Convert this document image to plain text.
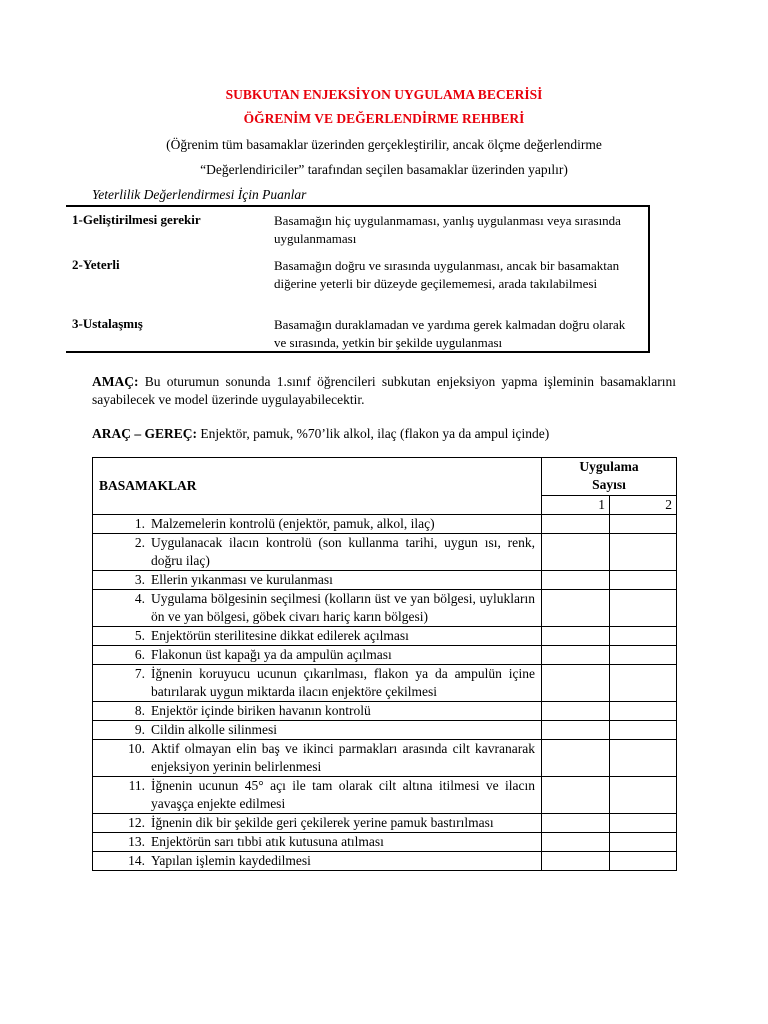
SUBKUTAN ENJEKSİYON UYGULAMA BECERİSİ
ÖĞRENİM VE DEĞERLENDİRME REHBERİ
(Öğrenim tüm basamaklar üzerinden gerçekleştirilir, ancak ölçme değerlendirme
“Değerlendiriciler” tarafından seçilen basamaklar üzerinden yapılır)
Yeterlilik Değerlendirmesi İçin Puanlar
1-Geliştirilmesi gerekir	Basamağın hiç uygulanmaması, yanlış uygulanması veya sırasında uygulanmaması
2-Yeterli	Basamağın doğru ve sırasında uygulanması, ancak bir basamaktan diğerine yeterli bir düzeyde geçilememesi, arada takılabilmesi
3-Ustalaşmış	Basamağın duraklamadan ve yardıma gerek kalmadan doğru olarak ve sırasında, yetkin bir şekilde uygulanması
AMAÇ: Bu oturumun sonunda 1.sınıf öğrencileri subkutan enjeksiyon yapma işleminin basamaklarını sayabilecek ve model üzerinde uygulayabilecektir.
ARAÇ – GEREÇ: Enjektör, pamuk, %70’lik alkol, ilaç (flakon ya da ampul içinde)
BASAMAKLAR	Uygulama
Sayısı	

	1	2

1. Malzemelerin kontrolü (enjektör, pamuk, alkol, ilaç)		

2. Uygulanacak ilacın kontrolü (son kullanma tarihi, uygun ısı, renk, doğru ilaç)		

3. Ellerin yıkanması ve kurulanması		

4. Uygulama bölgesinin seçilmesi (kolların üst ve yan bölgesi, uylukların ön ve yan bölgesi, göbek civarı hariç karın bölgesi)		

5. Enjektörün sterilitesine dikkat edilerek açılması		

6. Flakonun üst kapağı ya da ampulün açılması		

7. İğnenin koruyucu ucunun çıkarılması, flakon ya da ampulün içine batırılarak uygun miktarda ilacın enjektöre çekilmesi		

8. Enjektör içinde biriken havanın kontrolü		

9. Cildin alkolle silinmesi		

10. Aktif olmayan elin baş ve ikinci parmakları arasında cilt kavranarak enjeksiyon yerinin belirlenmesi		

11. İğnenin ucunun 45° açı ile tam olarak cilt altına itilmesi ve ilacın yavaşça enjekte edilmesi		

12. İğnenin dik bir şekilde geri çekilerek yerine pamuk bastırılması		

13. Enjektörün sarı tıbbi atık kutusuna atılması		

14. Yapılan işlemin kaydedilmesi		
